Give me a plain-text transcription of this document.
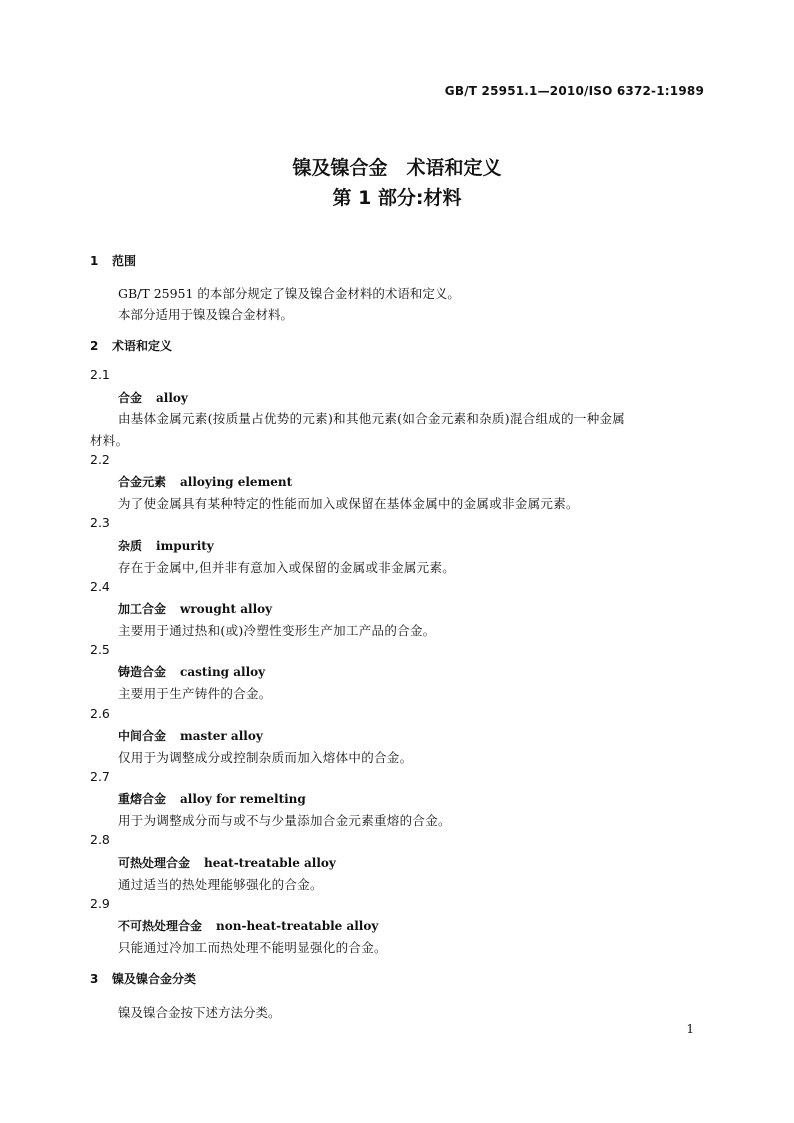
GB/T 25951.1—2010/ISO 6372-1:1989
镍及镍合金　术语和定义
第 1 部分:材料
1 范围
GB/T 25951 的本部分规定了镍及镍合金材料的术语和定义。
本部分适用于镍及镍合金材料。
2 术语和定义
2.1
合金 alloy
由基体金属元素(按质量占优势的元素)和其他元素(如合金元素和杂质)混合组成的一种金属
材料。
2.2
合金元素 alloying element
为了使金属具有某种特定的性能而加入或保留在基体金属中的金属或非金属元素。
2.3
杂质 impurity
存在于金属中,但并非有意加入或保留的金属或非金属元素。
2.4
加工合金 wrought alloy
主要用于通过热和(或)冷塑性变形生产加工产品的合金。
2.5
铸造合金 casting alloy
主要用于生产铸件的合金。
2.6
中间合金 master alloy
仅用于为调整成分或控制杂质而加入熔体中的合金。
2.7
重熔合金 alloy for remelting
用于为调整成分而与或不与少量添加合金元素重熔的合金。
2.8
可热处理合金 heat-treatable alloy
通过适当的热处理能够强化的合金。
2.9
不可热处理合金 non-heat-treatable alloy
只能通过冷加工而热处理不能明显强化的合金。
3 镍及镍合金分类
镍及镍合金按下述方法分类。
1
